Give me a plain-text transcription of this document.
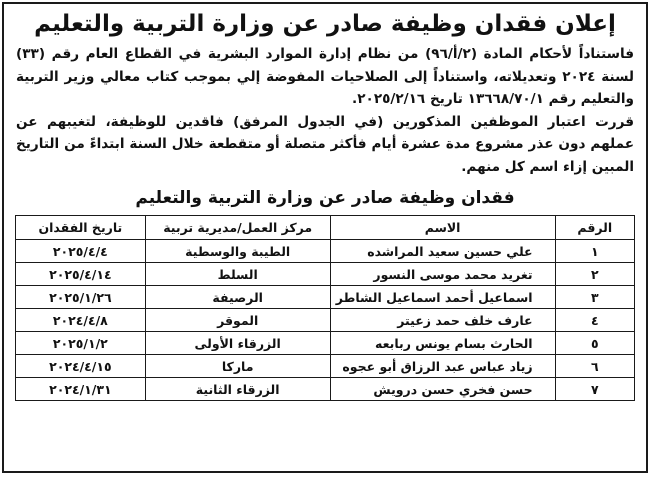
إعلان فقدان وظيفة صادر عن وزارة التربية والتعليم

فاستناداً لأحكام المادة (٢/أ/٩٦) من نظام إدارة الموارد البشرية في القطاع العام رقم (٣٣) لسنة ٢٠٢٤ وتعديلاته، واستناداً إلى الصلاحيات المفوضة إلي بموجب كتاب معالي وزير التربية والتعليم رقم ١٣٦٦٨/٧٠/١ تاريخ ٢٠٢٥/٢/١٦.

قررت اعتبار الموظفين المذكورين (في الجدول المرفق) فاقدين للوظيفة، لتغيبهم عن عملهم دون عذر مشروع مدة عشرة أيام فأكثر متصلة أو متقطعة خلال السنة ابتداءً من التاريخ المبين إزاء اسم كل منهم.

فقدان وظيفة صادر عن وزارة التربية والتعليم
الرقم	الاسم	مركز العمل/مديرية تربية	تاريخ الفقدان
١	علي حسين سعيد المراشده	الطيبة والوسطية	٢٠٢٥/٤/٤
٢	تغريد محمد موسى النسور	السلط	٢٠٢٥/٤/١٤
٣	اسماعيل أحمد اسماعيل الشاطر	الرصيفة	٢٠٢٥/١/٢٦
٤	عارف خلف حمد زعيتر	الموقر	٢٠٢٤/٤/٨
٥	الحارث بسام يونس ربابعه	الزرقاء الأولى	٢٠٢٥/١/٢
٦	زياد عباس عبد الرزاق أبو عجوه	ماركا	٢٠٢٤/٤/١٥
٧	حسن فخري حسن درويش	الزرقاء الثانية	٢٠٢٤/١/٣١
